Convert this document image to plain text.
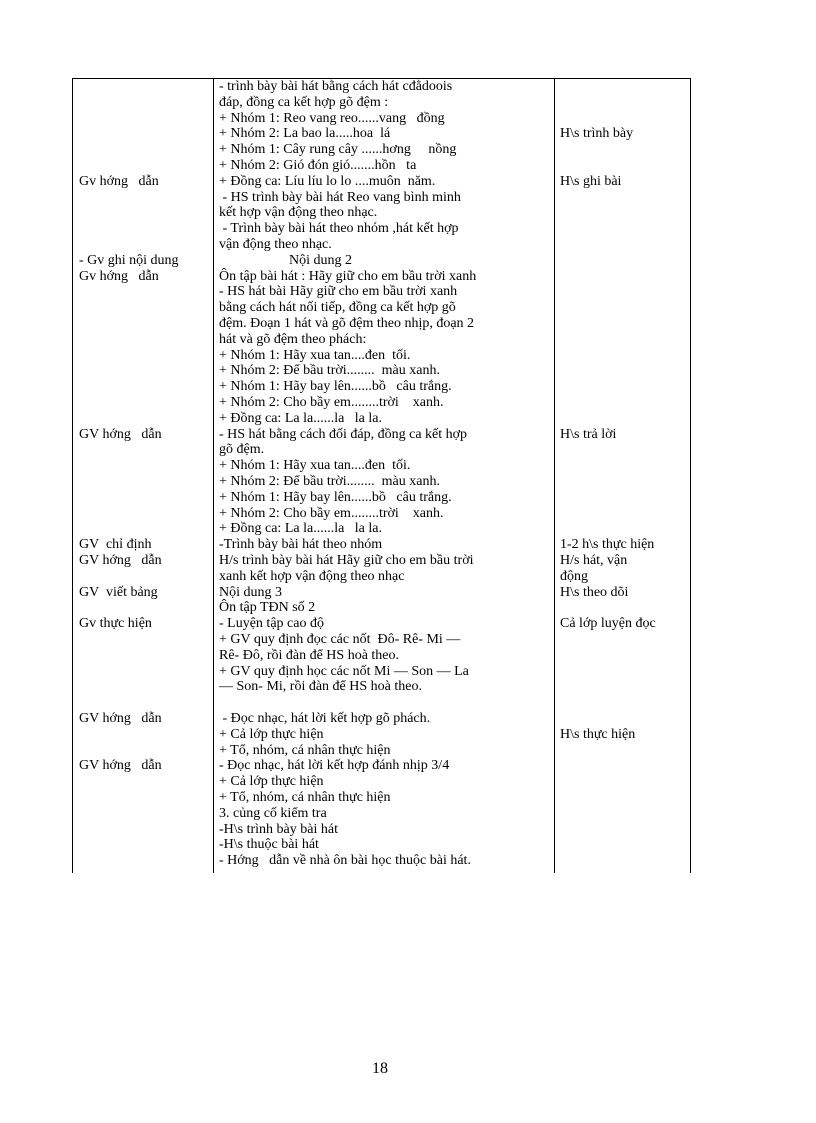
- trình bày bài hát bằng cách hát cđằdoois
đáp, đồng ca kết hợp gõ đệm :
+ Nhóm 1: Reo vang reo......vang   đồng
+ Nhóm 2: La bao la.....hoa  lá
+ Nhóm 1: Cây rung cây ......hơng     nồng
+ Nhóm 2: Gió đón gió.......hồn   ta
+ Đồng ca: Líu líu lo lo ....muôn  năm.
- HS trình bày bài hát Reo vang bình minh
kết hợp vận động theo nhạc.
- Trình bày bài hát theo nhóm ,hát kết hợp
vận động theo nhạc.
Nội dung 2
Ôn tập bài hát : Hãy giữ cho em bầu trời xanh
- HS hát bài Hãy giữ cho em bầu trời xanh
bằng cách hát nối tiếp, đồng ca kết hợp gõ
đệm. Đoạn 1 hát và gõ đệm theo nhịp, đoạn 2
hát và gõ đệm theo phách:
+ Nhóm 1: Hãy xua tan....đen  tối.
+ Nhóm 2: Để bầu trời........  màu xanh.
+ Nhóm 1: Hãy bay lên......bồ   câu trắng.
+ Nhóm 2: Cho bầy em........trời    xanh.
+ Đồng ca: La la......la   la la.
- HS hát bằng cách đối đáp, đồng ca kết hợp
gõ đệm.
+ Nhóm 1: Hãy xua tan....đen  tối.
+ Nhóm 2: Để bầu trời........  màu xanh.
+ Nhóm 1: Hãy bay lên......bồ   câu trắng.
+ Nhóm 2: Cho bầy em........trời    xanh.
+ Đồng ca: La la......la   la la.
-Trình bày bài hát theo nhóm
H/s trình bày bài hát Hãy giữ cho em bầu trời
xanh kết hợp vận động theo nhạc
Nội dung 3
Ôn tập TĐN số 2
- Luyện tập cao độ
+ GV quy định đọc các nốt  Đô- Rê- Mi —
Rê- Đô, rồi đàn để HS hoà theo.
+ GV quy định học các nốt Mi — Son — La
— Son- Mi, rồi đàn để HS hoà theo.
- Đọc nhạc, hát lời kết hợp gõ phách.
+ Cả lớp thực hiện
+ Tổ, nhóm, cá nhân thực hiện
- Đọc nhạc, hát lời kết hợp đánh nhịp 3/4
+ Cả lớp thực hiện
+ Tổ, nhóm, cá nhân thực hiện
3. củng cố kiểm tra
-H\s trình bày bài hát
-H\s thuộc bài hát
- Hớng   dẫn về nhà ôn bài học thuộc bài hát.
Gv hớng   dẫn
- Gv ghi nội dung
Gv hớng   dẫn
GV hớng   dẫn
GV  chỉ định
GV hớng   dẫn
GV  viết bảng
Gv thực hiện
GV hớng   dẫn
GV hớng   dẫn
H\s trình bày
H\s ghi bài
H\s trả lời
1-2 h\s thực hiện
H/s hát, vận
động
H\s theo dõi
Cả lớp luyện đọc
H\s thực hiện
18
